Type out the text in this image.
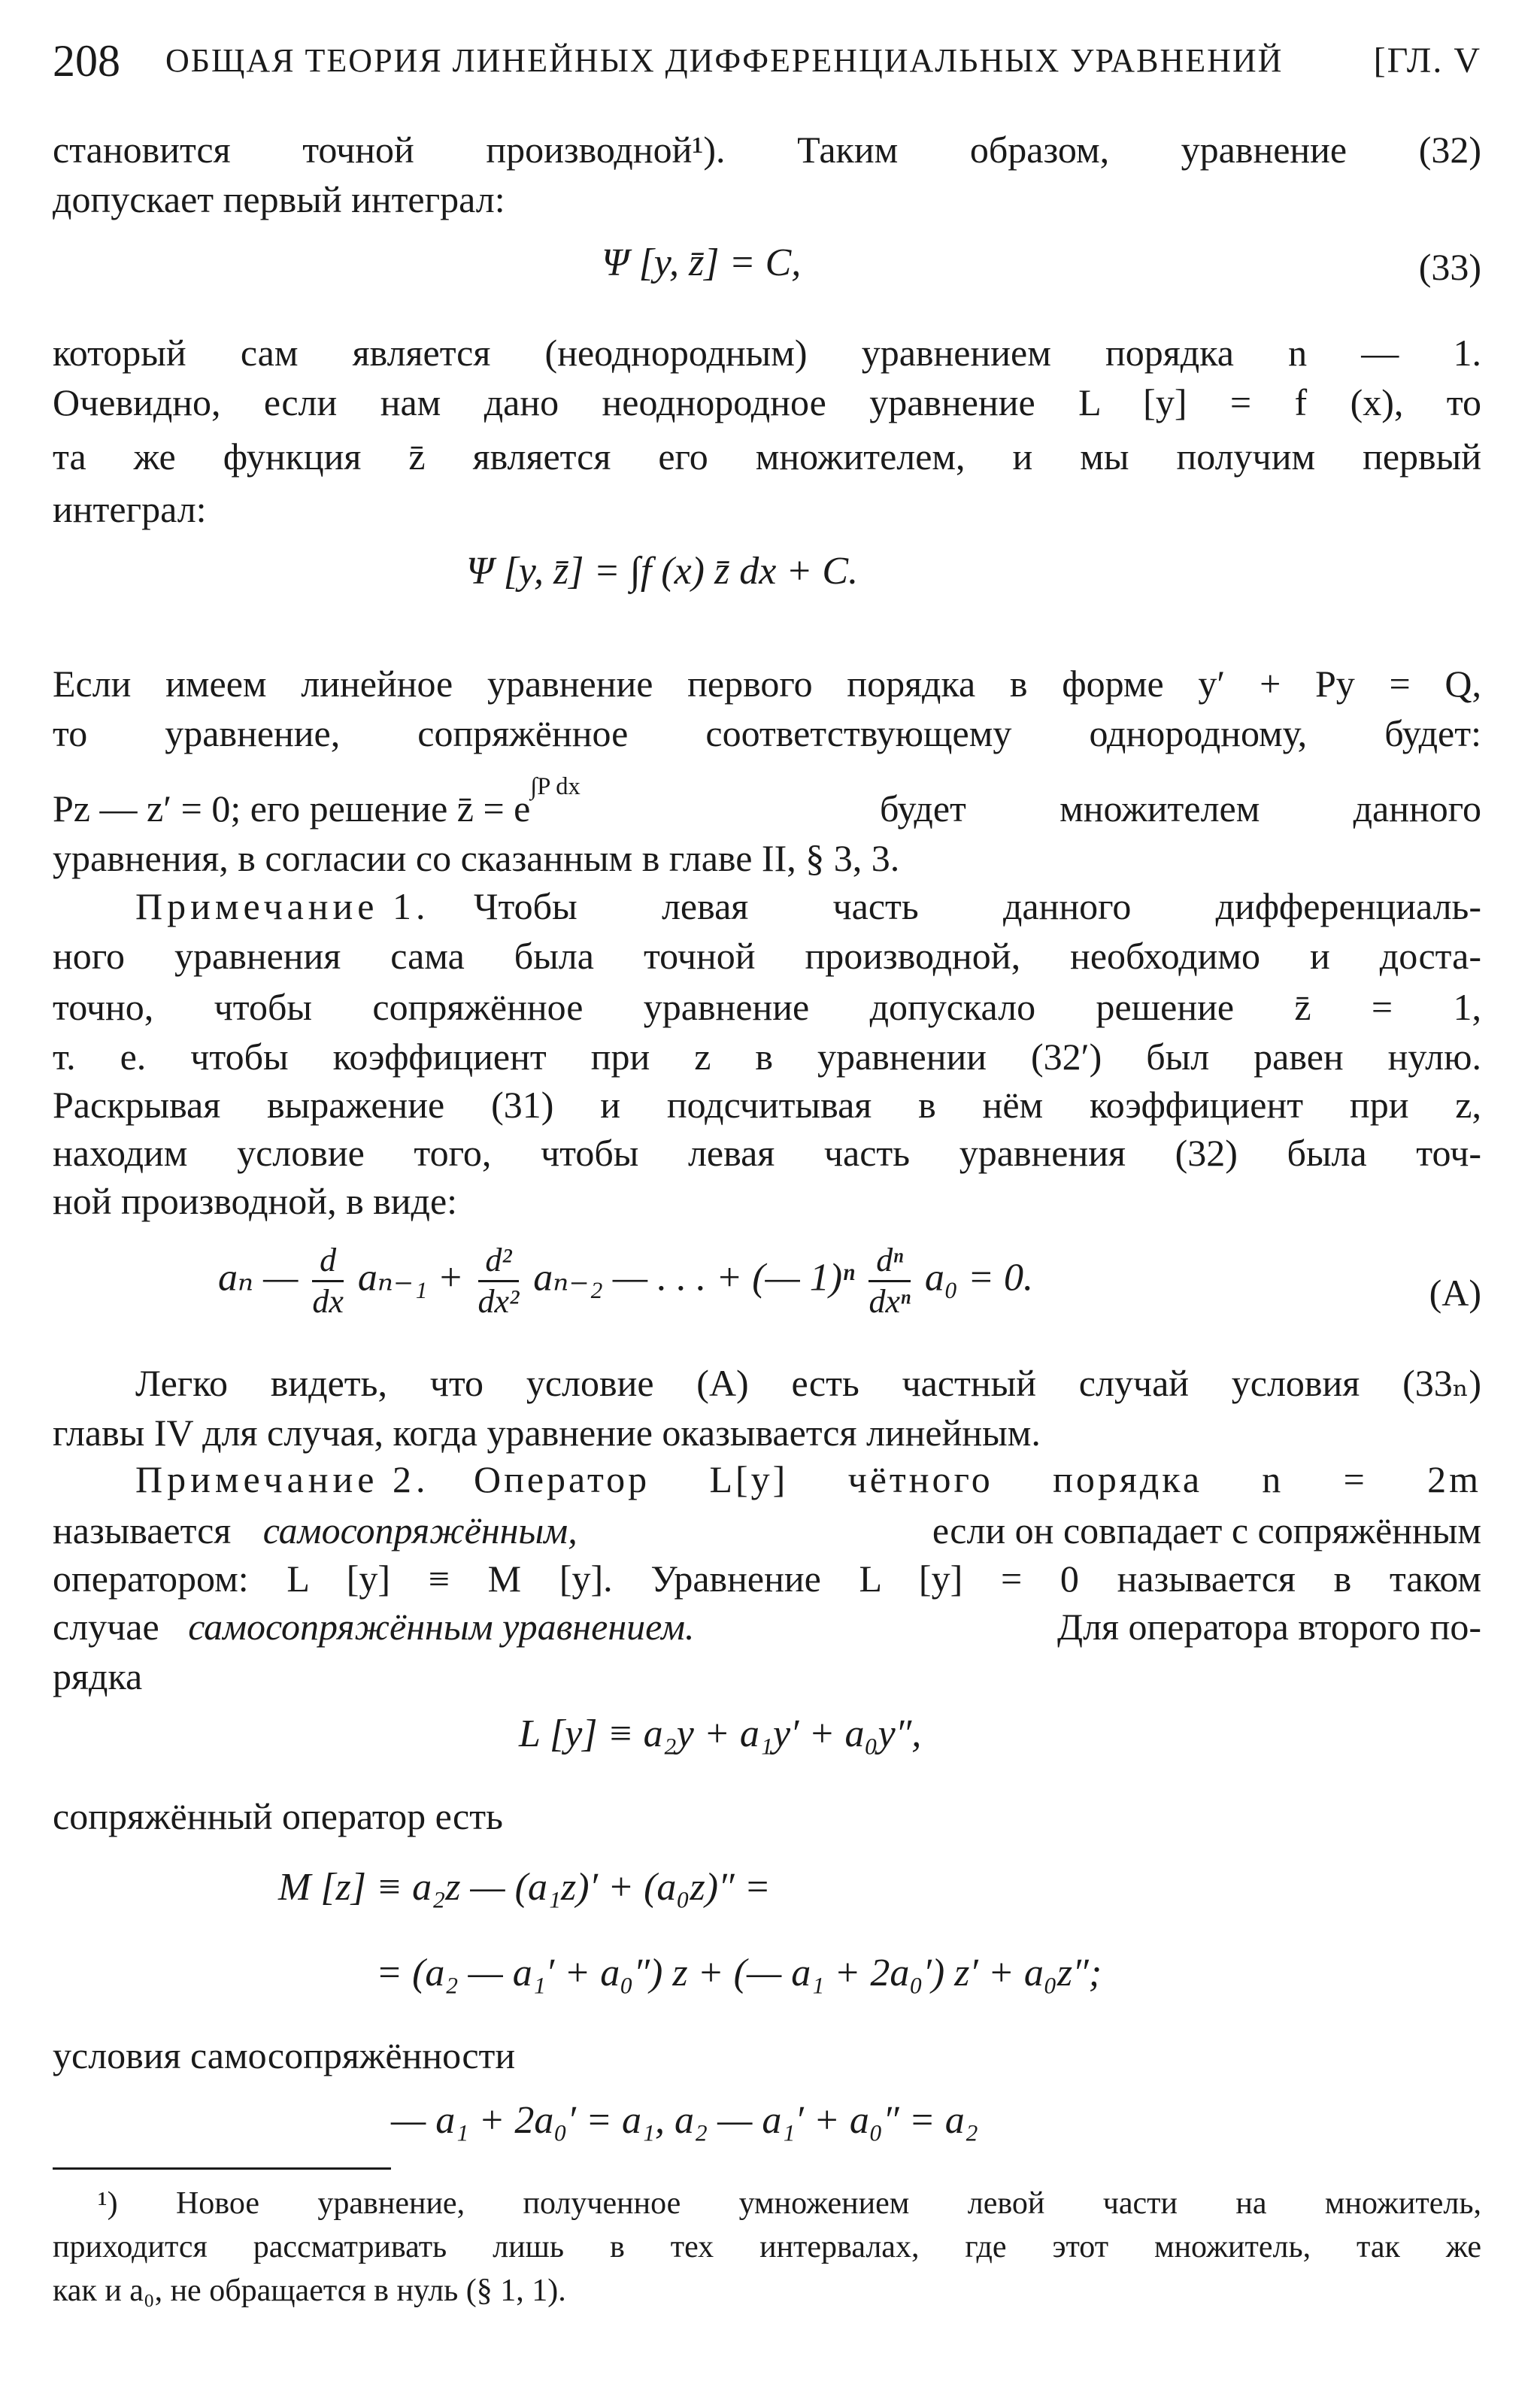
208 ОБЩАЯ ТЕОРИЯ ЛИНЕЙНЫХ ДИФФЕРЕНЦИАЛЬНЫХ УРАВНЕНИЙ	[ГЛ. V
становится точной производной¹). Таким образом, уравнение (32)
допускает первый интеграл:
Ψ [y, z̄] = C,	(33)
который сам является (неоднородным) уравнением порядка n — 1.
Очевидно, если нам дано неоднородное уравнение L [y] = f (x), то
та же функция z̄ является его множителем, и мы получим первый
интеграл:
Ψ [y, z̄] = ∫f (x) z̄ dx + C.
Если имеем линейное уравнение первого порядка в форме y′ + Py = Q,
то уравнение, сопряжённое соответствующему однородному, будет:
Pz — z′ = 0; его решение z̄ = $e^{\int P dx}$
будет множителем данного
уравнения, в согласии со сказанным в главе II, § 3, 3.
Примечание 1. Чтобы левая часть данного дифференциаль-
ного уравнения сама была точной производной, необходимо и доста-
точно, чтобы сопряжённое уравнение допускало решение z̄ = 1,
т. е. чтобы коэффициент при z в уравнении (32′) был равен нулю.
Раскрывая выражение (31) и подсчитывая в нём коэффициент при z,
находим условие того, чтобы левая часть уравнения (32) была точ-
ной производной, в виде:
aₙ — $\frac{d}{dx} a_{n-1} + \frac{\text{d²}}{\text{dx²}} a_{n-2}$ — . . . + (— $1)^n \frac{\text{dⁿ}}{\text{dxⁿ}} a_0 = 0$.	(A)
Легко видеть, что условие (A) есть частный случай условия (33ₙ)
главы IV для случая, когда уравнение оказывается линейным.
Примечание 2. Оператор L[y] чётного порядка n = 2m
называется самосопряжённым,	если он совпадает с сопряжённым
оператором: L [y] ≡ M [y]. Уравнение L [y] = 0 называется в таком
случае самосопряжённым уравнением.	Для оператора второго по-
рядка
L [y] ≡ a₂y + a₁y′ + a₀y″,
сопряжённый оператор есть
M [z] ≡ a₂z — (a₁z)′ + (a₀z)″ =
= (a₂ — a₁′ + a₀″) z + (— a₁ + 2a₀′) z′ + a₀z″;
условия самосопряжённости
— a₁ + 2a₀′ = a₁, a₂ — a₁′ + a₀″ = a₂
¹) Новое уравнение, полученное умножением левой части на множитель,
приходится рассматривать лишь в тех интервалах, где этот множитель, так же
как и a₀, не обращается в нуль (§ 1, 1).
